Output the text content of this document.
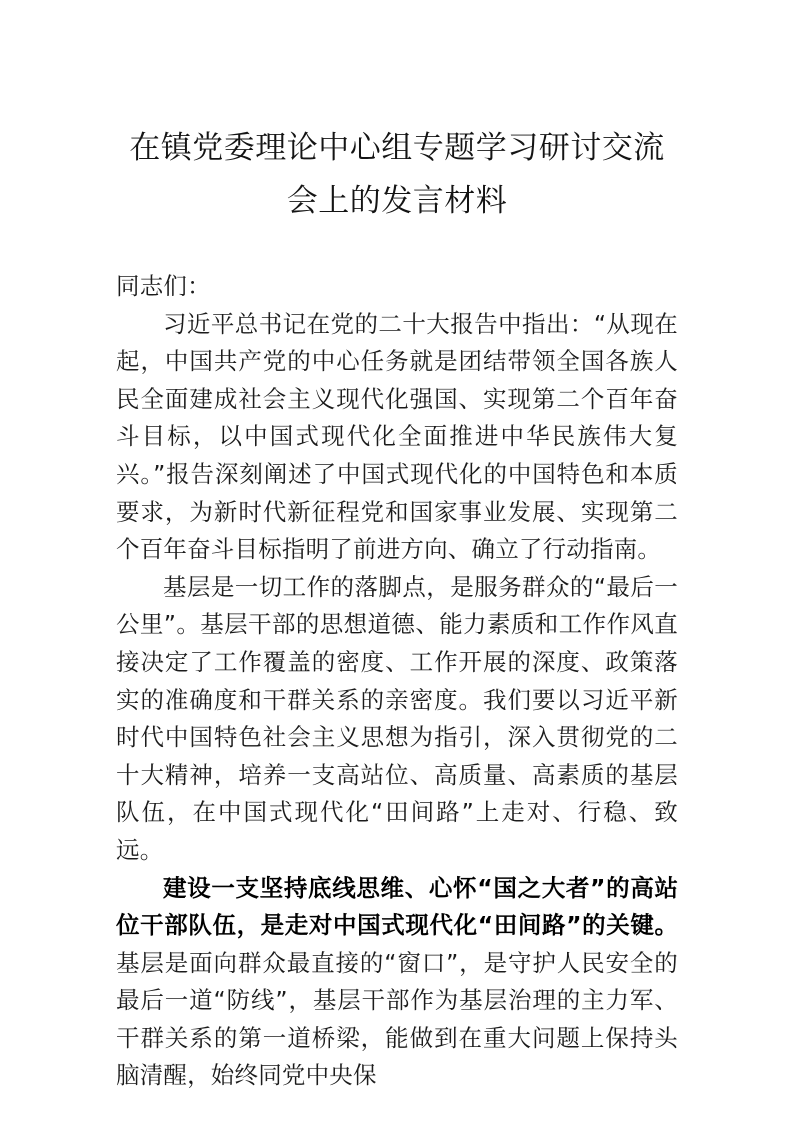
在镇党委理论中心组专题学习研讨交流会上的发言材料

同志们：

习近平总书记在党的二十大报告中指出：“从现在起，中国共产党的中心任务就是团结带领全国各族人民全面建成社会主义现代化强国、实现第二个百年奋斗目标，以中国式现代化全面推进中华民族伟大复兴。”报告深刻阐述了中国式现代化的中国特色和本质要求，为新时代新征程党和国家事业发展、实现第二个百年奋斗目标指明了前进方向、确立了行动指南。

基层是一切工作的落脚点，是服务群众的“最后一公里”。基层干部的思想道德、能力素质和工作作风直接决定了工作覆盖的密度、工作开展的深度、政策落实的准确度和干群关系的亲密度。我们要以习近平新时代中国特色社会主义思想为指引，深入贯彻党的二十大精神，培养一支高站位、高质量、高素质的基层队伍，在中国式现代化“田间路”上走对、行稳、致远。

建设一支坚持底线思维、心怀“国之大者”的高站位干部队伍，是走对中国式现代化“田间路”的关键。基层是面向群众最直接的“窗口”，是守护人民安全的最后一道“防线”，基层干部作为基层治理的主力军、干群关系的第一道桥梁，能做到在重大问题上保持头脑清醒，始终同党中央保
